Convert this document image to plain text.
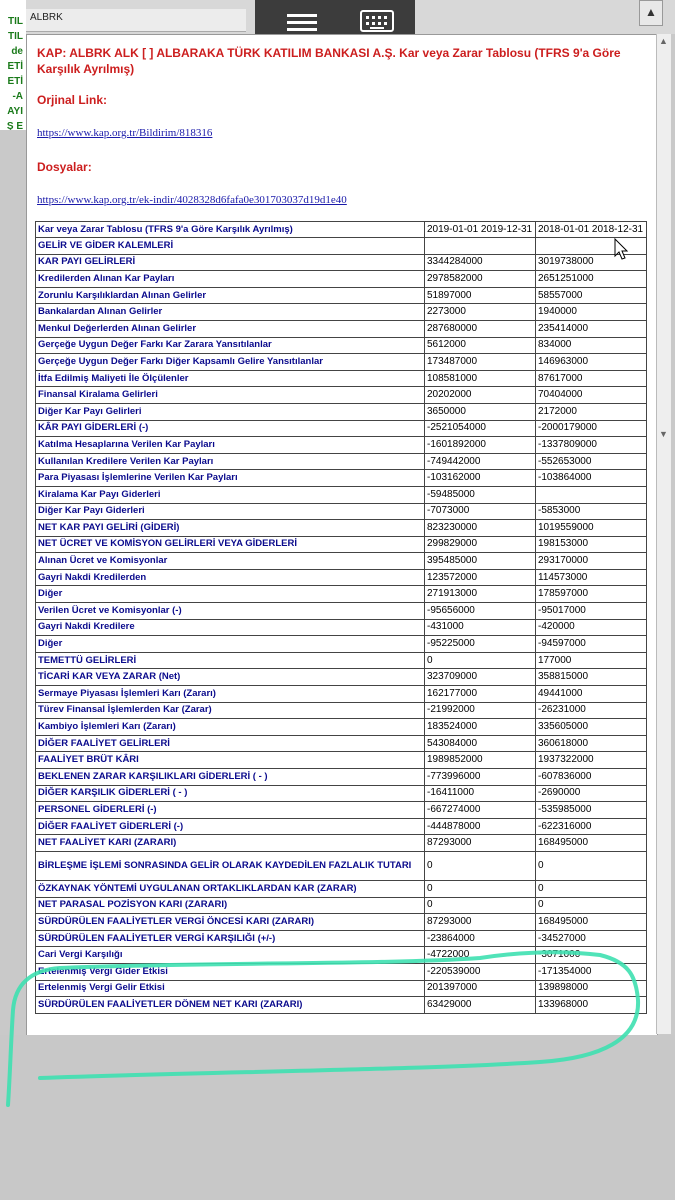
TIL
TIL
de
ETİ
ETİ
-A
AYI
Ş E
ALBRK	▲
KAP: ALBRK ALK [ ] ALBARAKA TÜRK KATILIM BANKASI A.Ş. Kar veya Zarar Tablosu (TFRS 9'a Göre Karşılık Ayrılmış)
Orjinal Link:
https://www.kap.org.tr/Bildirim/818316
Dosyalar:
https://www.kap.org.tr/ek-indir/4028328d6fafa0e301703037d19d1e40
Kar veya Zarar Tablosu (TFRS 9'a Göre Karşılık Ayrılmış)	2019-01-01 2019-12-31	2018-01-01 2018-12-31
GELİR VE GİDER KALEMLERİ		
KAR PAYI GELİRLERİ	3344284000	3019738000
Kredilerden Alınan Kar Payları	2978582000	2651251000
Zorunlu Karşılıklardan Alınan Gelirler	51897000	58557000
Bankalardan Alınan Gelirler	2273000	1940000
Menkul Değerlerden Alınan Gelirler	287680000	235414000
Gerçeğe Uygun Değer Farkı Kar Zarara Yansıtılanlar	5612000	834000
Gerçeğe Uygun Değer Farkı Diğer Kapsamlı Gelire Yansıtılanlar	173487000	146963000
İtfa Edilmiş Maliyeti İle Ölçülenler	108581000	87617000
Finansal Kiralama Gelirleri	20202000	70404000
Diğer Kar Payı Gelirleri	3650000	2172000
KÂR PAYI GİDERLERİ (-)	-2521054000	-2000179000
Katılma Hesaplarına Verilen Kar Payları	-1601892000	-1337809000
Kullanılan Kredilere Verilen Kar Payları	-749442000	-552653000
Para Piyasası İşlemlerine Verilen Kar Payları	-103162000	-103864000
Kiralama Kar Payı Giderleri	-59485000	
Diğer Kar Payı Giderleri	-7073000	-5853000
NET KAR PAYI GELİRİ (GİDERİ)	823230000	1019559000
NET ÜCRET VE KOMİSYON GELİRLERİ VEYA GİDERLERİ	299829000	198153000
Alınan Ücret ve Komisyonlar	395485000	293170000
Gayri Nakdi Kredilerden	123572000	114573000
Diğer	271913000	178597000
Verilen Ücret ve Komisyonlar (-)	-95656000	-95017000
Gayri Nakdi Kredilere	-431000	-420000
Diğer	-95225000	-94597000
TEMETTÜ GELİRLERİ	0	177000
TİCARİ KAR VEYA ZARAR (Net)	323709000	358815000
Sermaye Piyasası İşlemleri Karı (Zararı)	162177000	49441000
Türev Finansal İşlemlerden Kar (Zarar)	-21992000	-26231000
Kambiyo İşlemleri Karı (Zararı)	183524000	335605000
DİĞER FAALİYET GELİRLERİ	543084000	360618000
FAALİYET BRÜT KÂRI	1989852000	1937322000
BEKLENEN ZARAR KARŞILIKLARI GİDERLERİ ( - )	-773996000	-607836000
DİĞER KARŞILIK GİDERLERİ ( - )	-16411000	-2690000
PERSONEL GİDERLERİ (-)	-667274000	-535985000
DİĞER FAALİYET GİDERLERİ (-)	-444878000	-622316000
NET FAALİYET KARI (ZARARI)	87293000	168495000
BİRLEŞME İŞLEMİ SONRASINDA GELİR OLARAK KAYDEDİLEN FAZLALIK TUTARI	0	0
ÖZKAYNAK YÖNTEMİ UYGULANAN ORTAKLIKLARDAN KAR (ZARAR)	0	0
NET PARASAL POZİSYON KARI (ZARARI)	0	0
SÜRDÜRÜLEN FAALİYETLER VERGİ ÖNCESİ KARI (ZARARI)	87293000	168495000
SÜRDÜRÜLEN FAALİYETLER VERGİ KARŞILIĞI (+/-)	-23864000	-34527000
Cari Vergi Karşılığı	-4722000	-3071000
Ertelenmiş Vergi Gider Etkisi	-220539000	-171354000
Ertelenmiş Vergi Gelir Etkisi	201397000	139898000
SÜRDÜRÜLEN FAALİYETLER DÖNEM NET KARI (ZARARI)	63429000	133968000
▲
▼
